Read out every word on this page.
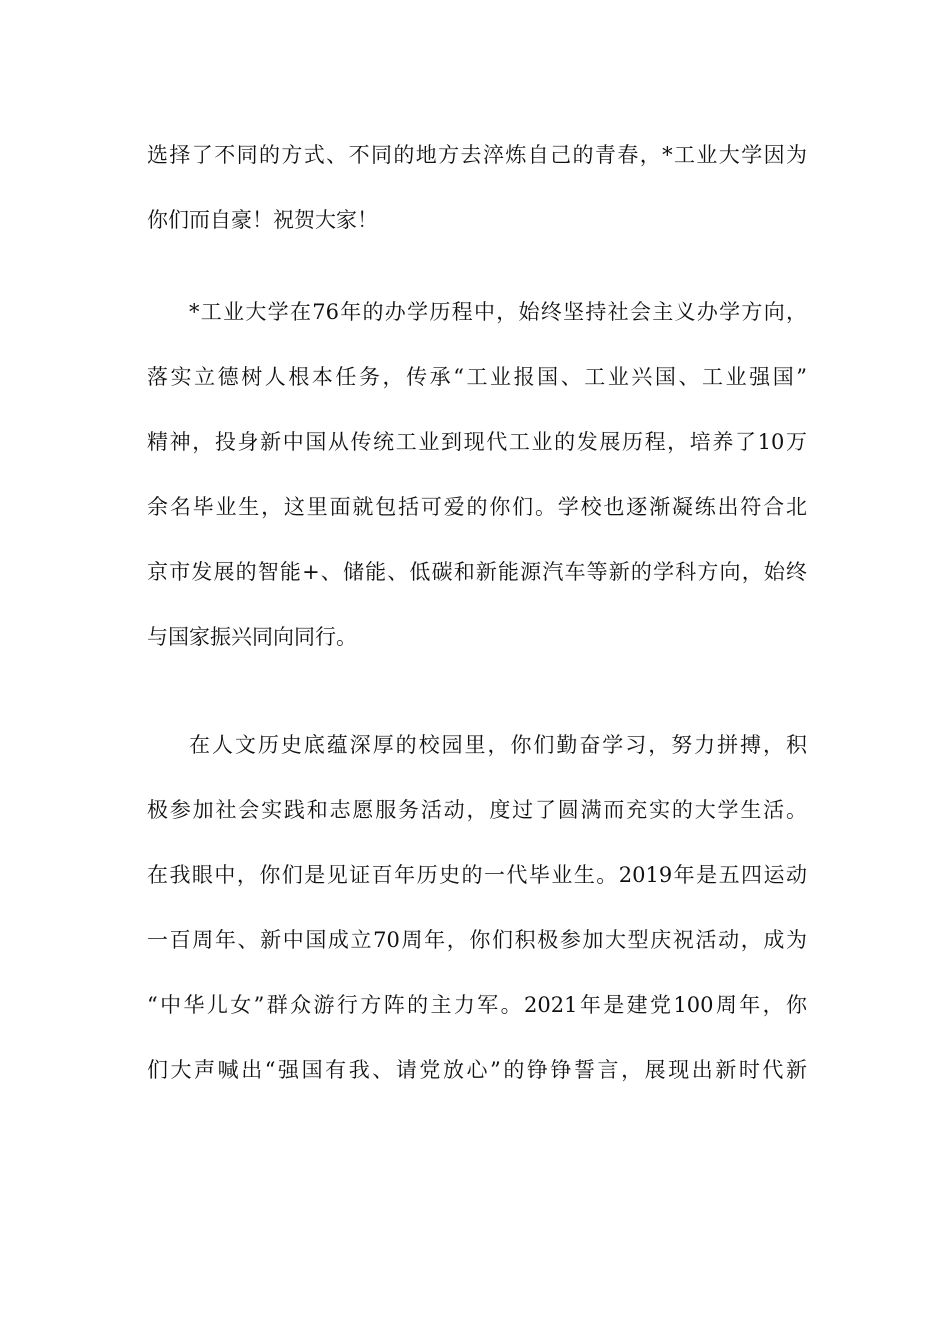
选择了不同的方式、不同的地方去淬炼自己的青春，*工业大学因为
你们而自豪！祝贺大家！
*工业大学在76年的办学历程中，始终坚持社会主义办学方向，
落实立德树人根本任务，传承“工业报国、工业兴国、工业强国”
精神，投身新中国从传统工业到现代工业的发展历程，培养了10万
余名毕业生，这里面就包括可爱的你们。学校也逐渐凝练出符合北
京市发展的智能+、储能、低碳和新能源汽车等新的学科方向，始终
与国家振兴同向同行。
在人文历史底蕴深厚的校园里，你们勤奋学习，努力拼搏，积
极参加社会实践和志愿服务活动，度过了圆满而充实的大学生活。
在我眼中，你们是见证百年历史的一代毕业生。2019年是五四运动
一百周年、新中国成立70周年，你们积极参加大型庆祝活动，成为
“中华儿女”群众游行方阵的主力军。2021年是建党100周年，你
们大声喊出“强国有我、请党放心”的铮铮誓言，展现出新时代新
